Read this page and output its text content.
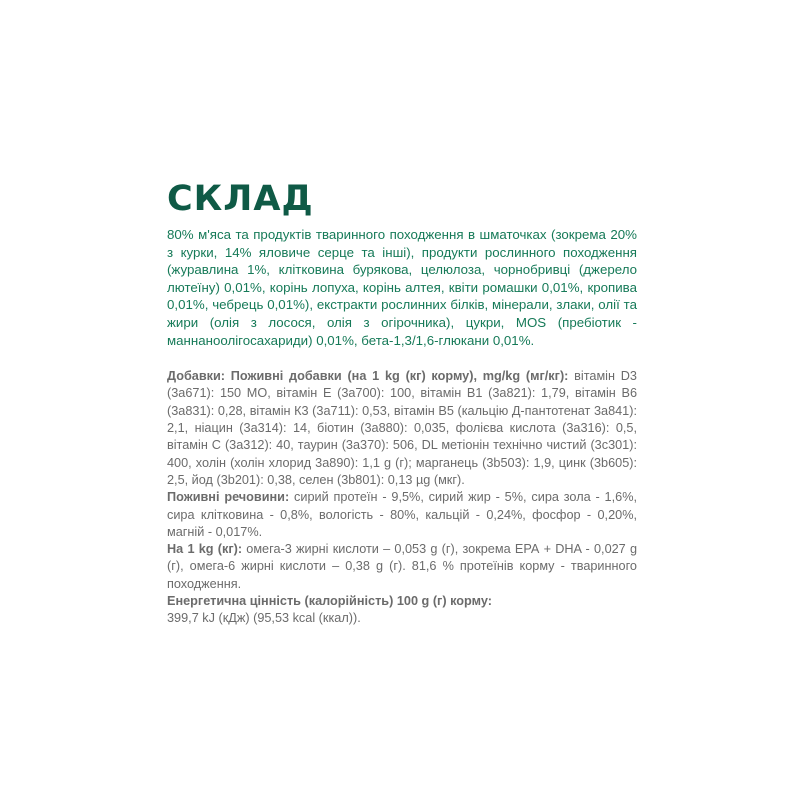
СКЛАД

80% м'яса та продуктів тваринного походження в шматочках (зокрема 20% з курки, 14% яловиче серце та інші), продукти рослинного походження (журавлина 1%, клітковина бурякова, целюлоза, чорнобривці (джерело лютеїну) 0,01%, корінь лопуха, корінь алтея, квіти ромашки 0,01%, кропива 0,01%, чебрець 0,01%), екстракти рослинних білків, мінерали, злаки, олії та жири (олія з лосося, олія з огірочника), цукри, MOS (пребіотик - маннаноолігосахариди) 0,01%, бета-1,3/1,6-глюкани 0,01%.

Добавки: Поживні добавки (на 1 kg (кг) корму), mg/kg (мг/кг): вітамін D3 (3а671): 150 МО, вітамін Е (3а700): 100, вітамін В1 (3а821): 1,79, вітамін В6 (3а831): 0,28, вітамін К3 (3а711): 0,53, вітамін В5 (кальцію Д-пантотенат 3а841): 2,1, ніацин (3а314): 14, біотин (3а880): 0,035, фолієва кислота (3а316): 0,5, вітамін С (3а312): 40, таурин (3а370): 506, DL метіонін технічно чистий (3с301): 400, холін (холін хлорид 3а890): 1,1 g (г); марганець (3b503): 1,9, цинк (3b605): 2,5, йод (3b201): 0,38, селен (3b801): 0,13 µg (мкг).

Поживні речовини: сирий протеїн - 9,5%, сирий жир - 5%, сира зола - 1,6%, сира клітковина - 0,8%, вологість - 80%, кальцій - 0,24%, фосфор - 0,20%, магній - 0,017%.

На 1 kg (кг): омега-3 жирні кислоти – 0,053 g (г), зокрема ЕРА + DHA - 0,027 g (г), омега-6 жирні кислоти – 0,38 g (г). 81,6 % протеїнів корму - тваринного походження.

Енергетична цінність (калорійність) 100 g (г) корму:

399,7 kJ (кДж) (95,53 kcal (ккал)).
